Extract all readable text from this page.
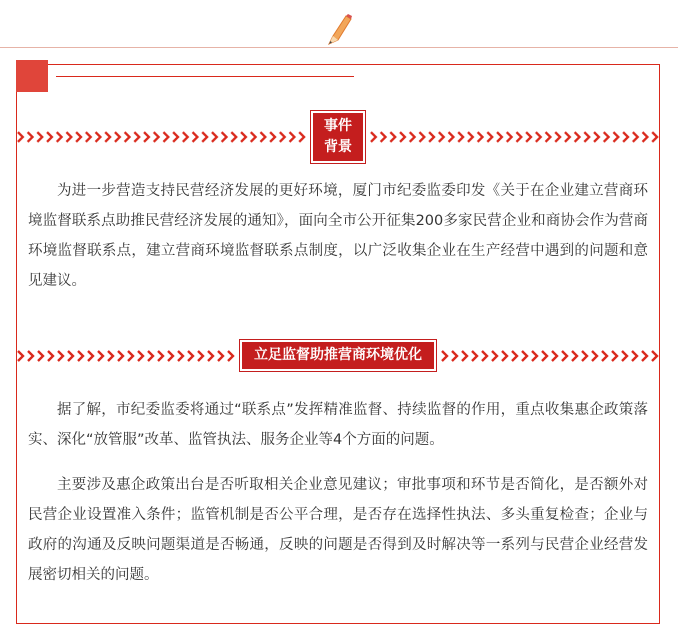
事件
背景

为进一步营造支持民营经济发展的更好环境，厦门市纪委监委印发《关于在企业建立营商环境监督联系点助推民营经济发展的通知》，面向全市公开征集200多家民营企业和商协会作为营商环境监督联系点，建立营商环境监督联系点制度，以广泛收集企业在生产经营中遇到的问题和意见建议。

立足监督助推营商环境优化

据了解，市纪委监委将通过“联系点”发挥精准监督、持续监督的作用，重点收集惠企政策落实、深化“放管服”改革、监管执法、服务企业等4个方面的问题。

主要涉及惠企政策出台是否听取相关企业意见建议；审批事项和环节是否简化，是否额外对民营企业设置准入条件；监管机制是否公平合理，是否存在选择性执法、多头重复检查；企业与政府的沟通及反映问题渠道是否畅通，反映的问题是否得到及时解决等一系列与民营企业经营发展密切相关的问题。
